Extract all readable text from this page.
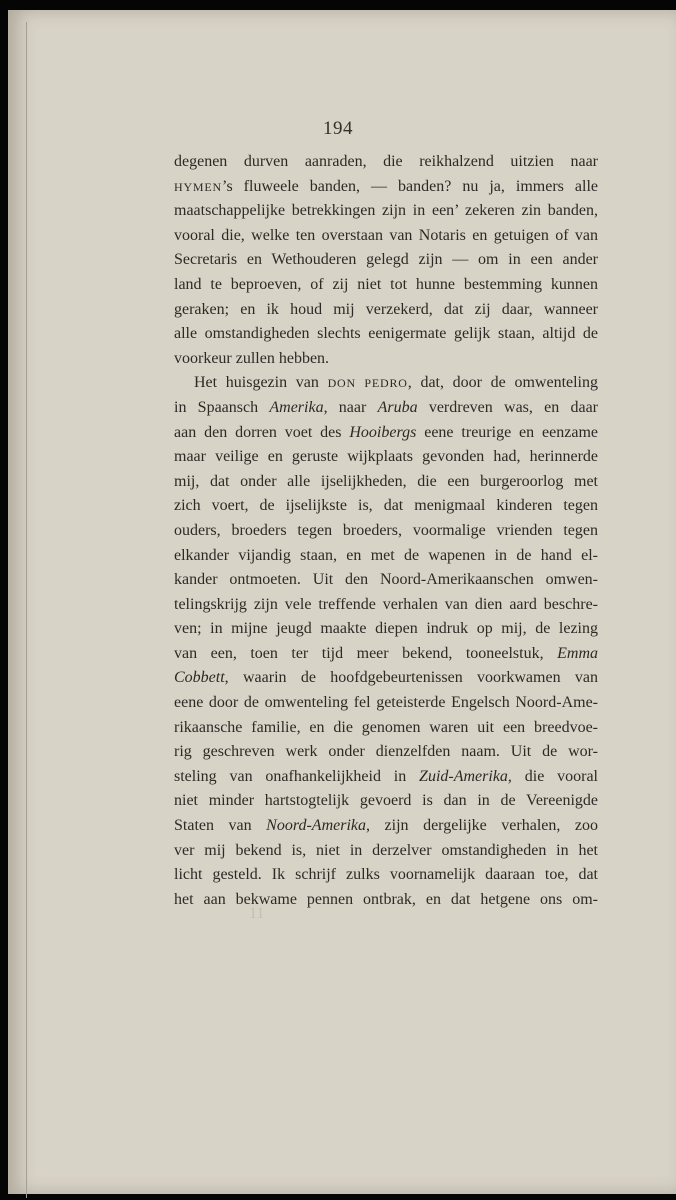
194
degenen durven aanraden, die reikhalzend uitzien naar
HYMEN’s fluweele banden, — banden? nu ja, immers alle
maatschappelijke betrekkingen zijn in een’ zekeren zin banden,
vooral die, welke ten overstaan van Notaris en getuigen of van
Secretaris en Wethouderen gelegd zijn — om in een ander
land te beproeven, of zij niet tot hunne bestemming kunnen
geraken; en ik houd mij verzekerd, dat zij daar, wanneer
alle omstandigheden slechts eenigermate gelijk staan, altijd de
voorkeur zullen hebben.
Het huisgezin van DON PEDRO, dat, door de omwenteling
in Spaansch Amerika, naar Aruba verdreven was, en daar
aan den dorren voet des Hooibergs eene treurige en eenzame
maar veilige en geruste wijkplaats gevonden had, herinnerde
mij, dat onder alle ijselijkheden, die een burgeroorlog met
zich voert, de ijselijkste is, dat menigmaal kinderen tegen
ouders, broeders tegen broeders, voormalige vrienden tegen
elkander vijandig staan, en met de wapenen in de hand el-
kander ontmoeten. Uit den Noord-Amerikaanschen omwen-
telingskrijg zijn vele treffende verhalen van dien aard beschre-
ven; in mijne jeugd maakte diepen indruk op mij, de lezing
van een, toen ter tijd meer bekend, tooneelstuk, Emma
Cobbett, waarin de hoofdgebeurtenissen voorkwamen van
eene door de omwenteling fel geteisterde Engelsch Noord-Ame-
rikaansche familie, en die genomen waren uit een breedvoe-
rig geschreven werk onder dienzelfden naam. Uit de wor-
steling van onafhankelijkheid in Zuid-Amerika, die vooral
niet minder hartstogtelijk gevoerd is dan in de Vereenigde
Staten van Noord-Amerika, zijn dergelijke verhalen, zoo
ver mij bekend is, niet in derzelver omstandigheden in het
licht gesteld. Ik schrijf zulks voornamelijk daaraan toe, dat
het aan bekwame pennen ontbrak, en dat hetgene ons om-
11
